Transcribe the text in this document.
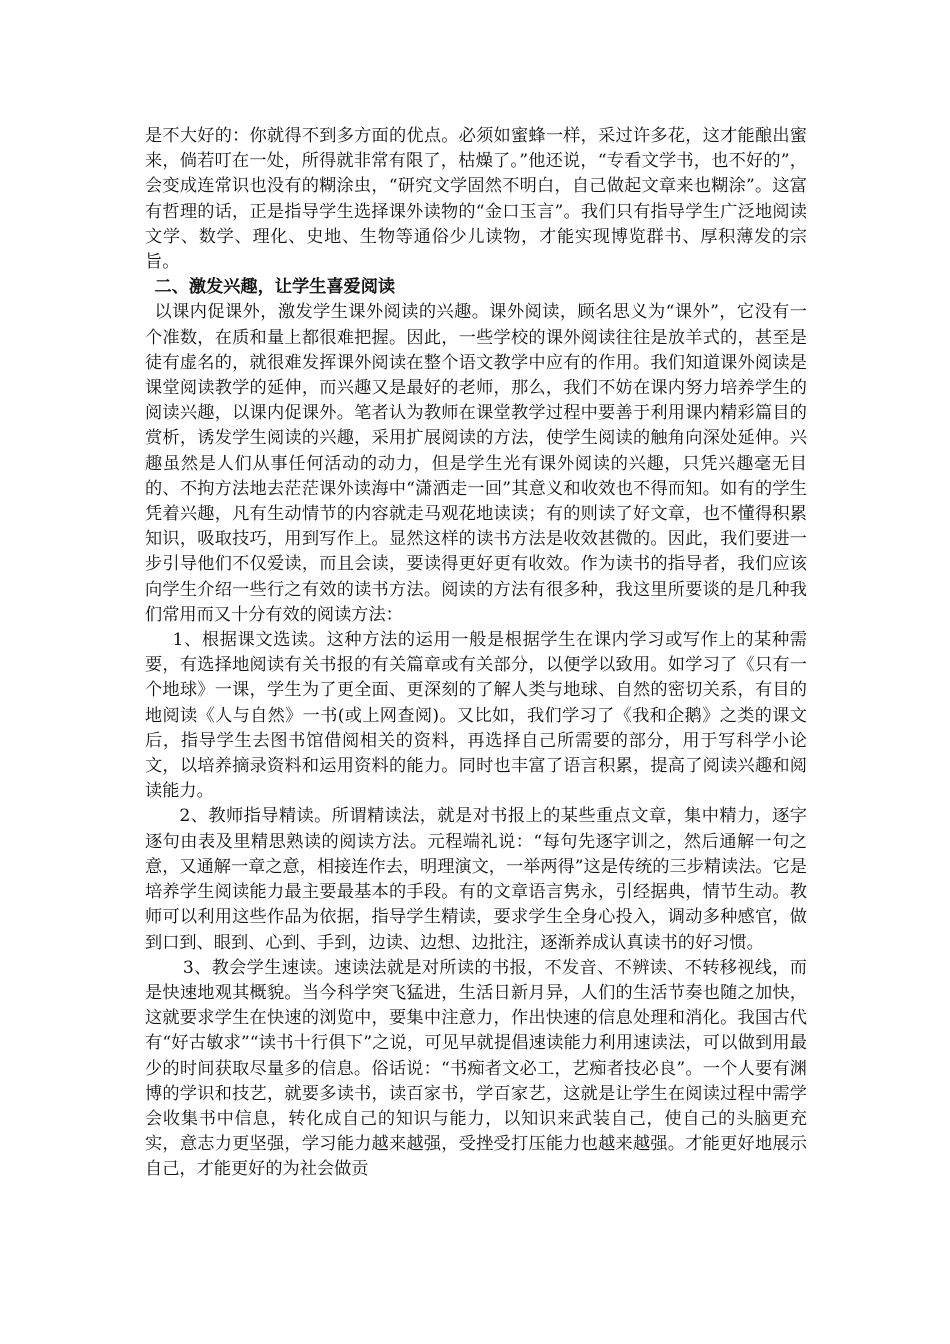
是不大好的：你就得不到多方面的优点。必须如蜜蜂一样，采过许多花，这才能酿出蜜来，倘若叮在一处，所得就非常有限了，枯燥了。”他还说，“专看文学书，也不好的”，会变成连常识也没有的糊涂虫，“研究文学固然不明白，自己做起文章来也糊涂”。这富有哲理的话，正是指导学生选择课外读物的“金口玉言”。我们只有指导学生广泛地阅读文学、数学、理化、史地、生物等通俗少儿读物，才能实现博览群书、厚积薄发的宗旨。

二、激发兴趣，让学生喜爱阅读

以课内促课外，激发学生课外阅读的兴趣。课外阅读，顾名思义为“课外”，它没有一个准数，在质和量上都很难把握。因此，一些学校的课外阅读往往是放羊式的，甚至是徒有虚名的，就很难发挥课外阅读在整个语文教学中应有的作用。我们知道课外阅读是课堂阅读教学的延伸，而兴趣又是最好的老师，那么，我们不妨在课内努力培养学生的阅读兴趣，以课内促课外。笔者认为教师在课堂教学过程中要善于利用课内精彩篇目的赏析，诱发学生阅读的兴趣，采用扩展阅读的方法，使学生阅读的触角向深处延伸。兴趣虽然是人们从事任何活动的动力，但是学生光有课外阅读的兴趣，只凭兴趣毫无目的、不拘方法地去茫茫课外读海中“潇洒走一回”其意义和收效也不得而知。如有的学生凭着兴趣，凡有生动情节的内容就走马观花地读读；有的则读了好文章，也不懂得积累知识，吸取技巧，用到写作上。显然这样的读书方法是收效甚微的。因此，我们要进一步引导他们不仅爱读，而且会读，要读得更好更有收效。作为读书的指导者，我们应该向学生介绍一些行之有效的读书方法。阅读的方法有很多种，我这里所要谈的是几种我们常用而又十分有效的阅读方法：

1、根据课文选读。这种方法的运用一般是根据学生在课内学习或写作上的某种需要，有选择地阅读有关书报的有关篇章或有关部分，以便学以致用。如学习了《只有一个地球》一课，学生为了更全面、更深刻的了解人类与地球、自然的密切关系，有目的地阅读《人与自然》一书(或上网查阅)。又比如，我们学习了《我和企鹅》之类的课文后，指导学生去图书馆借阅相关的资料，再选择自己所需要的部分，用于写科学小论文，以培养摘录资料和运用资料的能力。同时也丰富了语言积累，提高了阅读兴趣和阅读能力。

2、教师指导精读。所谓精读法，就是对书报上的某些重点文章，集中精力，逐字逐句由表及里精思熟读的阅读方法。元程端礼说：“每句先逐字训之，然后通解一句之意，又通解一章之意，相接连作去，明理演文，一举两得”这是传统的三步精读法。它是培养学生阅读能力最主要最基本的手段。有的文章语言隽永，引经据典，情节生动。教师可以利用这些作品为依据，指导学生精读，要求学生全身心投入，调动多种感官，做到口到、眼到、心到、手到，边读、边想、边批注，逐渐养成认真读书的好习惯。

3、教会学生速读。速读法就是对所读的书报，不发音、不辨读、不转移视线，而是快速地观其概貌。当今科学突飞猛进，生活日新月异，人们的生活节奏也随之加快，这就要求学生在快速的浏览中，要集中注意力，作出快速的信息处理和消化。我国古代有“好古敏求”“读书十行俱下”之说，可见早就提倡速读能力利用速读法，可以做到用最少的时间获取尽量多的信息。俗话说：“书痴者文必工，艺痴者技必良”。一个人要有渊博的学识和技艺，就要多读书，读百家书，学百家艺，这就是让学生在阅读过程中需学会收集书中信息，转化成自己的知识与能力，以知识来武装自己，使自己的头脑更充实，意志力更坚强，学习能力越来越强，受挫受打压能力也越来越强。才能更好地展示自己，才能更好的为社会做贡
